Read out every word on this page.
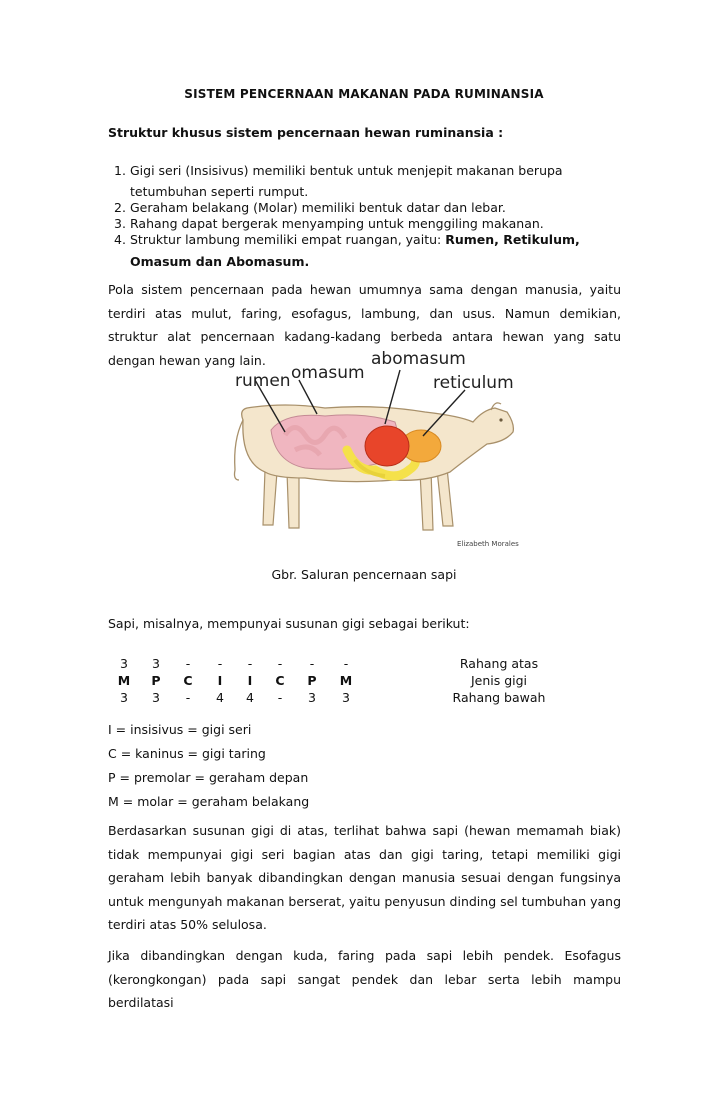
SISTEM PENCERNAAN MAKANAN PADA RUMINANSIA
Struktur khusus sistem pencernaan hewan ruminansia :
1. Gigi seri (Insisivus) memiliki bentuk untuk menjepit makanan berupa
tetumbuhan seperti rumput.
2. Geraham belakang (Molar) memiliki bentuk datar dan lebar.
3. Rahang dapat bergerak menyamping untuk menggiling makanan.
4. Struktur lambung memiliki empat ruangan, yaitu: Rumen, Retikulum,
Omasum dan Abomasum.
Pola sistem pencernaan pada hewan umumnya sama dengan manusia, yaitu terdiri atas mulut, faring, esofagus, lambung, dan usus. Namun demikian, struktur alat pencernaan kadang-kadang berbeda antara hewan yang satu dengan hewan yang lain.
rumen omasum
abomasum
reticulum
Elizabeth Morales
Gbr. Saluran pencernaan sapi
Sapi, misalnya, mempunyai susunan gigi sebagai berikut:
3	3	-	-	-	-	-	-	Rahang atas
M	P	C	I	I	C	P	M	Jenis gigi
3	3	-	4	4	-	3	3	Rahang bawah
I = insisivus = gigi seri
C = kaninus = gigi taring
P = premolar = geraham depan
M = molar = geraham belakang
Berdasarkan susunan gigi di atas, terlihat bahwa sapi (hewan memamah biak) tidak mempunyai gigi seri bagian atas dan gigi taring, tetapi memiliki gigi geraham lebih banyak dibandingkan dengan manusia sesuai dengan fungsinya untuk mengunyah makanan berserat, yaitu penyusun dinding sel tumbuhan yang terdiri atas 50% selulosa.
Jika dibandingkan dengan kuda, faring pada sapi lebih pendek. Esofagus (kerongkongan) pada sapi sangat pendek dan lebar serta lebih mampu berdilatasi
